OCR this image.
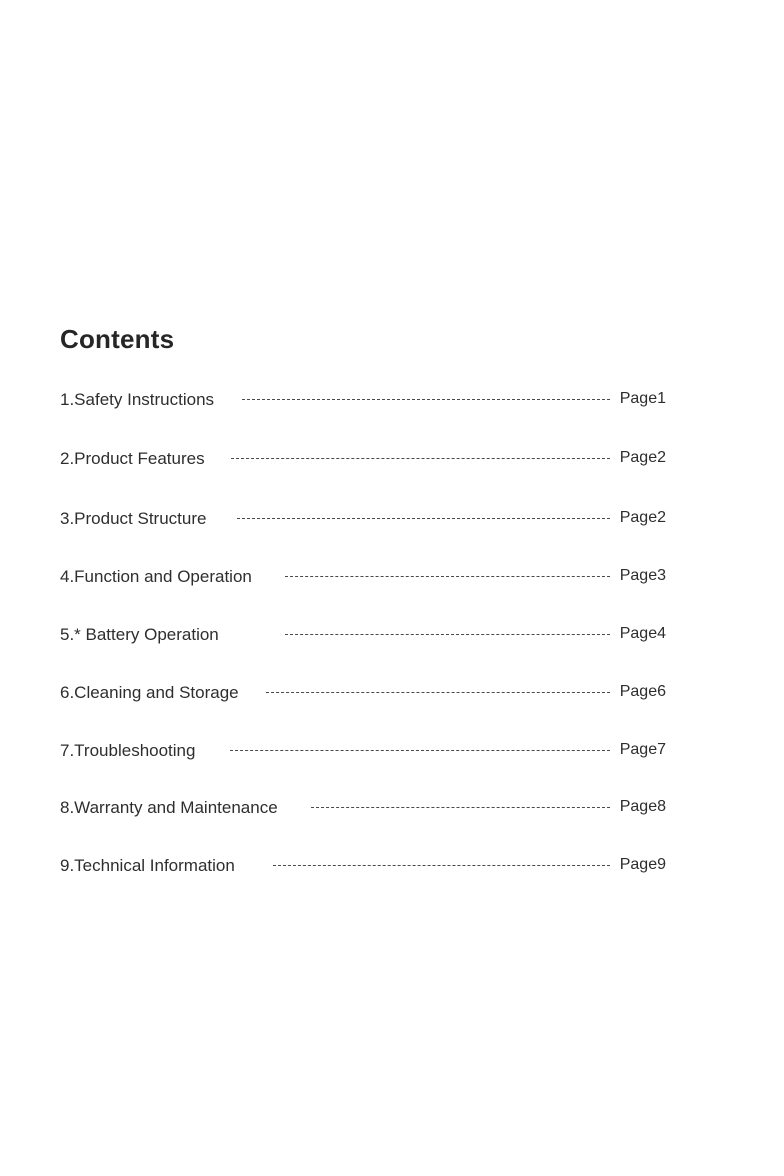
Contents
1.Safety Instructions	Page1
2.Product Features	Page2
3.Product Structure	Page2
4.Function and Operation	Page3
5.* Battery Operation	Page4
6.Cleaning and Storage	Page6
7.Troubleshooting	Page7
8.Warranty and Maintenance	Page8
9.Technical Information	Page9
